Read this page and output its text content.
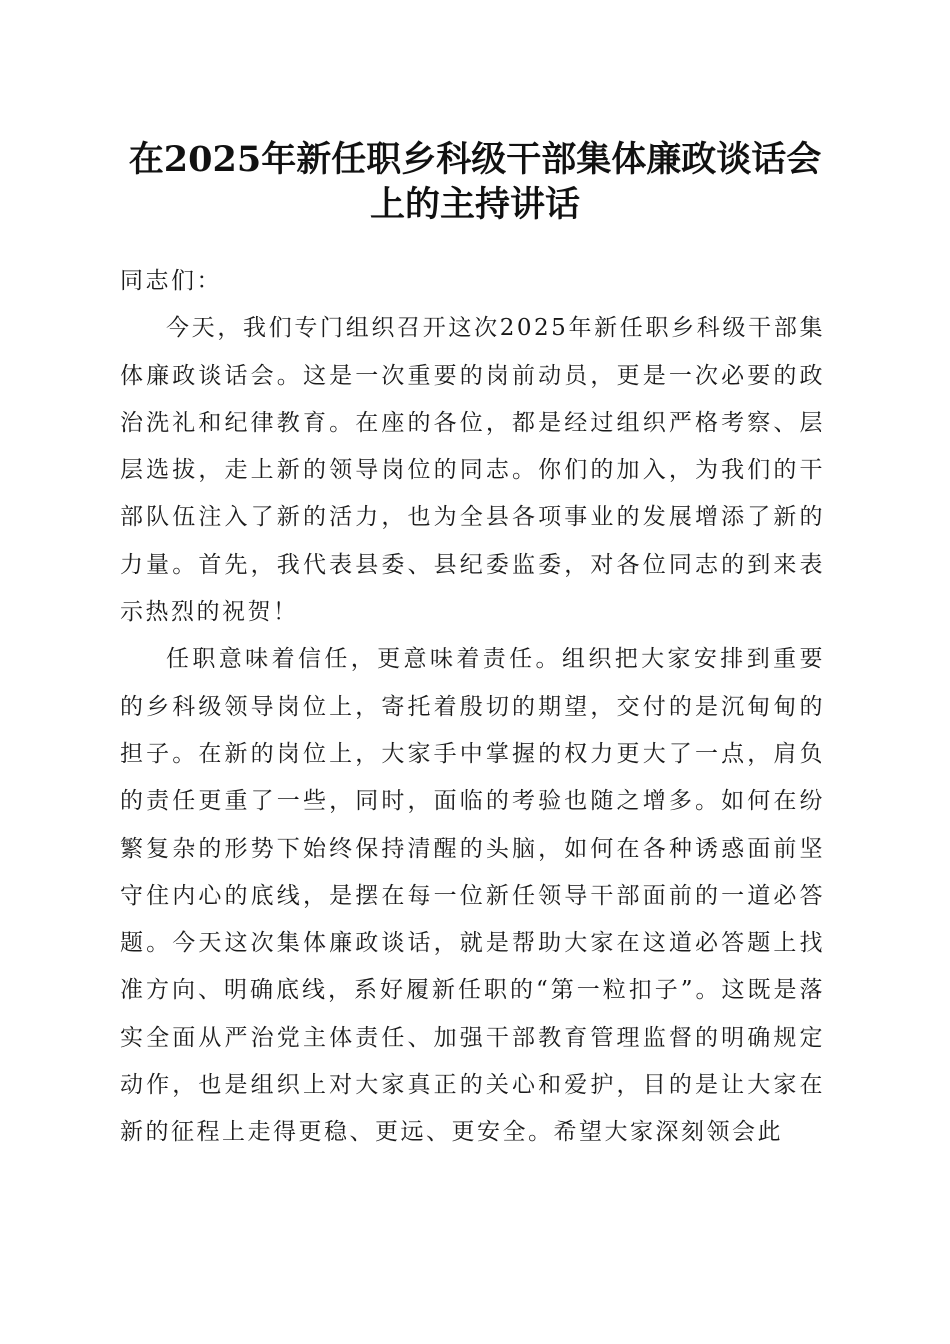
在2025年新任职乡科级干部集体廉政谈话会
上的主持讲话

同志们：

今天，我们专门组织召开这次2025年新任职乡科级干部集体廉政谈话会。这是一次重要的岗前动员，更是一次必要的政治洗礼和纪律教育。在座的各位，都是经过组织严格考察、层层选拔，走上新的领导岗位的同志。你们的加入，为我们的干部队伍注入了新的活力，也为全县各项事业的发展增添了新的力量。首先，我代表县委、县纪委监委，对各位同志的到来表示热烈的祝贺！

任职意味着信任，更意味着责任。组织把大家安排到重要的乡科级领导岗位上，寄托着殷切的期望，交付的是沉甸甸的担子。在新的岗位上，大家手中掌握的权力更大了一点，肩负的责任更重了一些，同时，面临的考验也随之增多。如何在纷繁复杂的形势下始终保持清醒的头脑，如何在各种诱惑面前坚守住内心的底线，是摆在每一位新任领导干部面前的一道必答题。今天这次集体廉政谈话，就是帮助大家在这道必答题上找准方向、明确底线，系好履新任职的“第一粒扣子”。这既是落实全面从严治党主体责任、加强干部教育管理监督的明确规定动作，也是组织上对大家真正的关心和爱护，目的是让大家在新的征程上走得更稳、更远、更安全。希望大家深刻领会此
